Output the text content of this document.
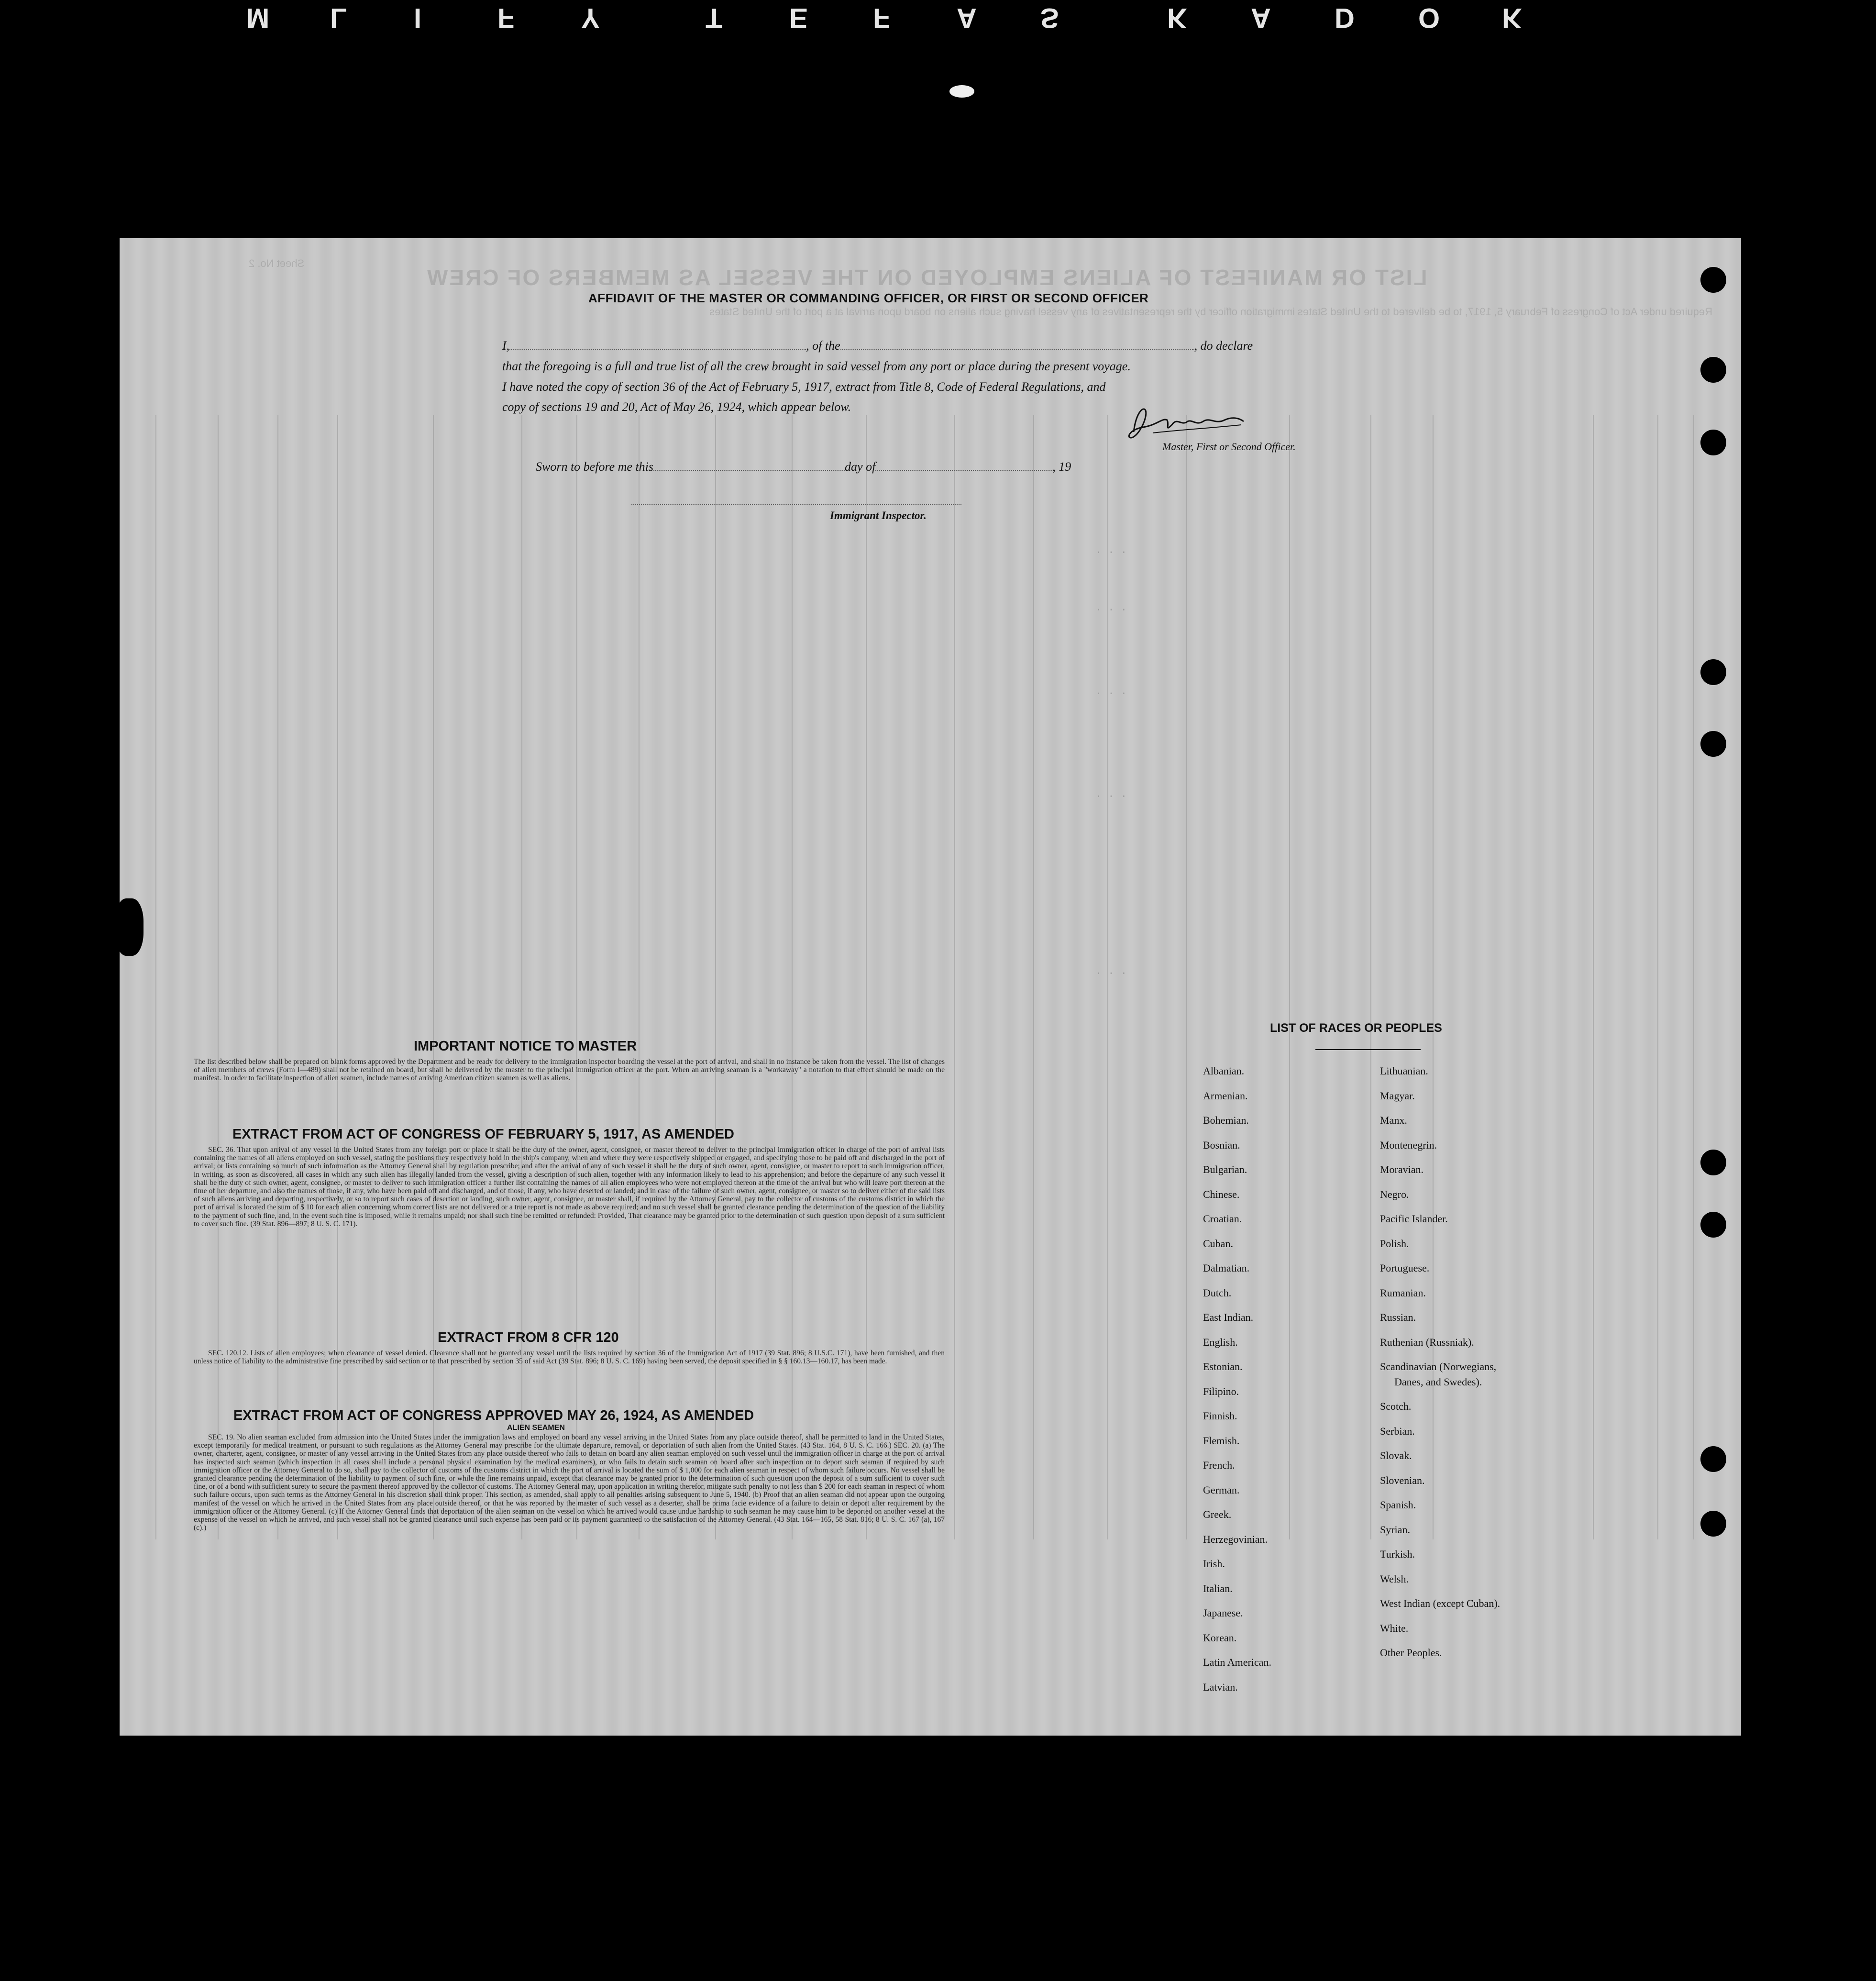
K
O
D
A
K
S
A
F
E
T
Y
F
I
L
M
LIST OR MANIFEST OF ALIENS EMPLOYED ON THE VESSEL AS MEMBERS OF CREW
Required under Act of Congress of February 5, 1917, to be delivered to the United States immigration officer by the representatives of any vessel having such aliens on board upon arrival at a port of the United States
Sheet No. 2
. . .
. . .
. . .
. . .
. . .
AFFIDAVIT OF THE MASTER OR COMMANDING OFFICER, OR FIRST OR SECOND OFFICER
I,	, of the	, do declare
that the foregoing is a full and true list of all the crew brought in said vessel from any port or place during the present voyage.
I have noted the copy of section 36 of the Act of February 5, 1917, extract from Title 8, Code of Federal Regulations, and
copy of sections 19 and 20, Act of May 26, 1924, which appear below.
Master, First or Second Officer.
Sworn to before me this	day of	, 19
Immigrant Inspector.
IMPORTANT NOTICE TO MASTER
The list described below shall be prepared on blank forms approved by the Department and be ready for delivery to the immigration inspector boarding the vessel at the port of arrival, and shall in no instance be taken from the vessel. The list of changes of alien members of crews (Form I—489) shall not be retained on board, but shall be delivered by the master to the principal immigration officer at the port. When an arriving seaman is a "workaway" a notation to that effect should be made on the manifest. In order to facilitate inspection of alien seamen, include names of arriving American citizen seamen as well as aliens.
EXTRACT FROM ACT OF CONGRESS OF FEBRUARY 5, 1917, AS AMENDED
SEC. 36. That upon arrival of any vessel in the United States from any foreign port or place it shall be the duty of the owner, agent, consignee, or master thereof to deliver to the principal immigration officer in charge of the port of arrival lists containing the names of all aliens employed on such vessel, stating the positions they respectively hold in the ship's company, when and where they were respectively shipped or engaged, and specifying those to be paid off and discharged in the port of arrival; or lists containing so much of such information as the Attorney General shall by regulation prescribe; and after the arrival of any of such vessel it shall be the duty of such owner, agent, consignee, or master to report to such immigration officer, in writing, as soon as discovered, all cases in which any such alien has illegally landed from the vessel, giving a description of such alien, together with any information likely to lead to his apprehension; and before the departure of any such vessel it shall be the duty of such owner, agent, consignee, or master to deliver to such immigration officer a further list containing the names of all alien employees who were not employed thereon at the time of the arrival but who will leave port thereon at the time of her departure, and also the names of those, if any, who have been paid off and discharged, and of those, if any, who have deserted or landed; and in case of the failure of such owner, agent, consignee, or master so to deliver either of the said lists of such aliens arriving and departing, respectively, or so to report such cases of desertion or landing, such owner, agent, consignee, or master shall, if required by the Attorney General, pay to the collector of customs of the customs district in which the port of arrival is located the sum of $ 10 for each alien concerning whom correct lists are not delivered or a true report is not made as above required; and no such vessel shall be granted clearance pending the determination of the question of the liability to the payment of such fine, and, in the event such fine is imposed, while it remains unpaid; nor shall such fine be remitted or refunded: Provided, That clearance may be granted prior to the determination of such question upon deposit of a sum sufficient to cover such fine. (39 Stat. 896—897; 8 U. S. C. 171).
EXTRACT FROM 8 CFR 120
SEC. 120.12. Lists of alien employees; when clearance of vessel denied. Clearance shall not be granted any vessel until the lists required by section 36 of the Immigration Act of 1917 (39 Stat. 896; 8 U.S.C. 171), have been furnished, and then unless notice of liability to the administrative fine prescribed by said section or to that prescribed by section 35 of said Act (39 Stat. 896; 8 U. S. C. 169) having been served, the deposit specified in § § 160.13—160.17, has been made.
EXTRACT FROM ACT OF CONGRESS APPROVED MAY 26, 1924, AS AMENDED
ALIEN SEAMEN
SEC. 19. No alien seaman excluded from admission into the United States under the immigration laws and employed on board any vessel arriving in the United States from any place outside thereof, shall be permitted to land in the United States, except temporarily for medical treatment, or pursuant to such regulations as the Attorney General may prescribe for the ultimate departure, removal, or deportation of such alien from the United States. (43 Stat. 164, 8 U. S. C. 166.) SEC. 20. (a) The owner, charterer, agent, consignee, or master of any vessel arriving in the United States from any place outside thereof who fails to detain on board any alien seaman employed on such vessel until the immigration officer in charge at the port of arrival has inspected such seaman (which inspection in all cases shall include a personal physical examination by the medical examiners), or who fails to detain such seaman on board after such inspection or to deport such seaman if required by such immigration officer or the Attorney General to do so, shall pay to the collector of customs of the customs district in which the port of arrival is located the sum of $ 1,000 for each alien seaman in respect of whom such failure occurs. No vessel shall be granted clearance pending the determination of the liability to payment of such fine, or while the fine remains unpaid, except that clearance may be granted prior to the determination of such question upon the deposit of a sum sufficient to cover such fine, or of a bond with sufficient surety to secure the payment thereof approved by the collector of customs. The Attorney General may, upon application in writing therefor, mitigate such penalty to not less than $ 200 for each seaman in respect of whom such failure occurs, upon such terms as the Attorney General in his discretion shall think proper. This section, as amended, shall apply to all penalties arising subsequent to June 5, 1940. (b) Proof that an alien seaman did not appear upon the outgoing manifest of the vessel on which he arrived in the United States from any place outside thereof, or that he was reported by the master of such vessel as a deserter, shall be prima facie evidence of a failure to detain or deport after requirement by the immigration officer or the Attorney General. (c) If the Attorney General finds that deportation of the alien seaman on the vessel on which he arrived would cause undue hardship to such seaman he may cause him to be deported on another vessel at the expense of the vessel on which he arrived, and such vessel shall not be granted clearance until such expense has been paid or its payment guaranteed to the satisfaction of the Attorney General. (43 Stat. 164—165, 58 Stat. 816; 8 U. S. C. 167 (a), 167 (c).)
LIST OF RACES OR PEOPLES
Albanian.
Armenian.
Bohemian.
Bosnian.
Bulgarian.
Chinese.
Croatian.
Cuban.
Dalmatian.
Dutch.
East Indian.
English.
Estonian.
Filipino.
Finnish.
Flemish.
French.
German.
Greek.
Herzegovinian.
Irish.
Italian.
Japanese.
Korean.
Latin American.
Latvian.
Lithuanian.
Magyar.
Manx.
Montenegrin.
Moravian.
Negro.
Pacific Islander.
Polish.
Portuguese.
Rumanian.
Russian.
Ruthenian (Russniak).
Scandinavian (Norwegians,
Danes, and Swedes).
Scotch.
Serbian.
Slovak.
Slovenian.
Spanish.
Syrian.
Turkish.
Welsh.
West Indian (except Cuban).
White.
Other Peoples.
